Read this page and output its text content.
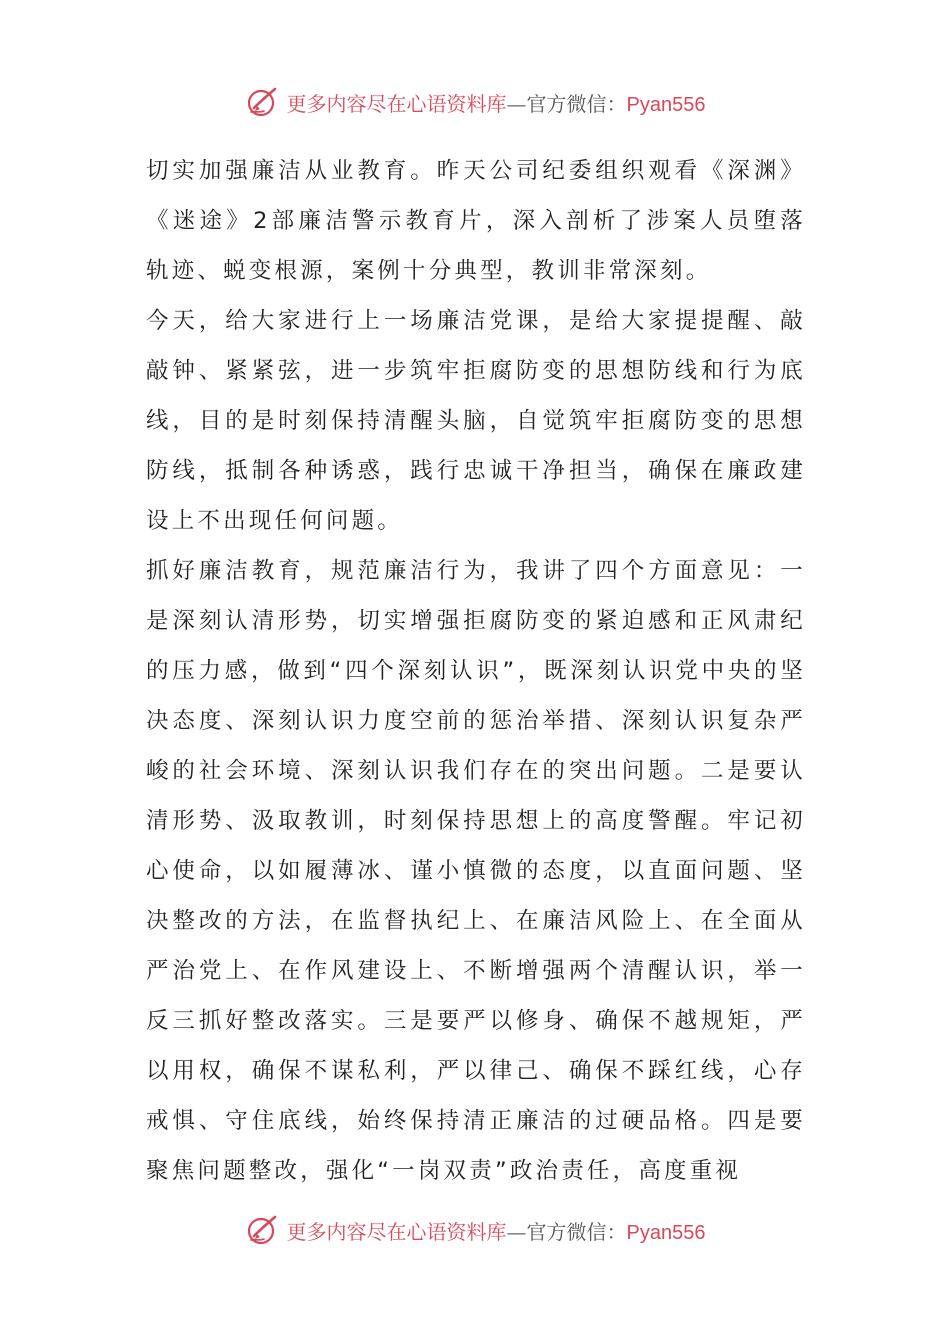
更多内容尽在心语资料库—官方微信：Pyan556

切实加强廉洁从业教育。昨天公司纪委组织观看《深渊》《迷途》2部廉洁警示教育片，深入剖析了涉案人员堕落轨迹、蜕变根源，案例十分典型，教训非常深刻。

今天，给大家进行上一场廉洁党课，是给大家提提醒、敲敲钟、紧紧弦，进一步筑牢拒腐防变的思想防线和行为底线，目的是时刻保持清醒头脑，自觉筑牢拒腐防变的思想防线，抵制各种诱惑，践行忠诚干净担当，确保在廉政建设上不出现任何问题。

抓好廉洁教育，规范廉洁行为，我讲了四个方面意见：一是深刻认清形势，切实增强拒腐防变的紧迫感和正风肃纪的压力感，做到“四个深刻认识”，既深刻认识党中央的坚决态度、深刻认识力度空前的惩治举措、深刻认识复杂严峻的社会环境、深刻认识我们存在的突出问题。二是要认清形势、汲取教训，时刻保持思想上的高度警醒。牢记初心使命，以如履薄冰、谨小慎微的态度，以直面问题、坚决整改的方法，在监督执纪上、在廉洁风险上、在全面从严治党上、在作风建设上、不断增强两个清醒认识，举一反三抓好整改落实。三是要严以修身、确保不越规矩，严以用权，确保不谋私利，严以律己、确保不踩红线，心存戒惧、守住底线，始终保持清正廉洁的过硬品格。四是要聚焦问题整改，强化“一岗双责”政治责任，高度重视

更多内容尽在心语资料库—官方微信：Pyan556
